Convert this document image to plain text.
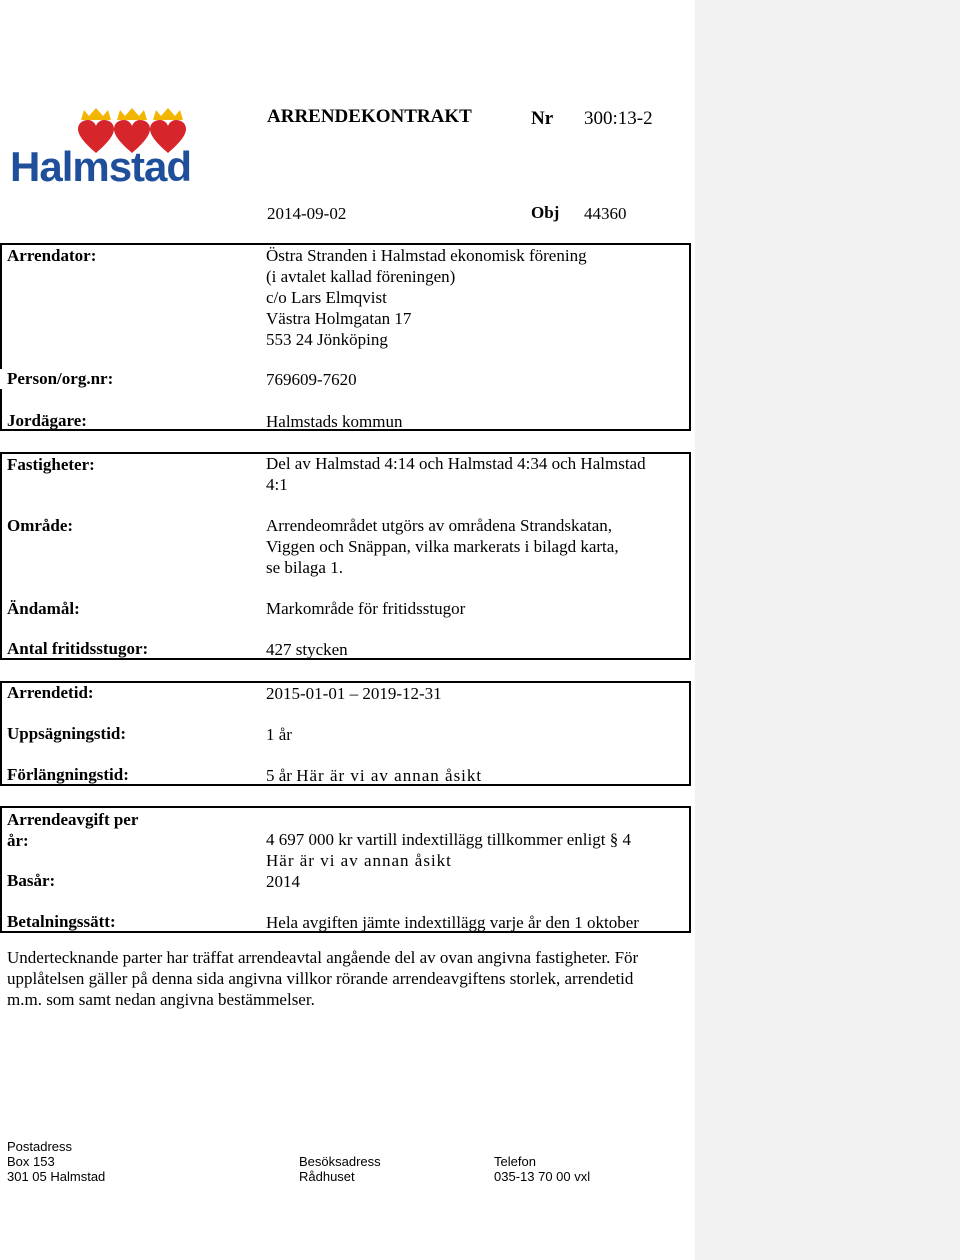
Halmstad
ARRENDEKONTRAKT	Nr 300:13-2
2014-09-02	Obj 44360
Arrendator:	Östra Stranden i Halmstad ekonomisk förening
(i avtalet kallad föreningen)
c/o Lars Elmqvist
Västra Holmgatan 17
553 24 Jönköping
Person/org.nr:	769609-7620
Jordägare:	Halmstads kommun
Fastigheter:	Del av Halmstad 4:14 och Halmstad 4:34 och Halmstad
4:1
Område:	Arrendeområdet utgörs av områdena Strandskatan,
Viggen och Snäppan, vilka markerats i bilagd karta,
se bilaga 1.
Ändamål:	Markområde för fritidsstugor
Antal fritidsstugor:	427 stycken
Arrendetid:	2015-01-01 – 2019-12-31
Uppsägningstid:	1 år
Förlängningstid:	5 år Här är vi av annan åsikt
Arrendeavgift per
år:	4 697 000 kr vartill indextillägg tillkommer enligt § 4
Här är vi av annan åsikt
Basår:	2014
Betalningssätt:	Hela avgiften jämte indextillägg varje år den 1 oktober
Undertecknande parter har träffat arrendeavtal angående del av ovan angivna fastigheter. För
upplåtelsen gäller på denna sida angivna villkor rörande arrendeavgiftens storlek, arrendetid
m.m. som samt nedan angivna bestämmelser.
Postadress
Box 153
301 05 Halmstad
Besöksadress
Rådhuset
Telefon
035-13 70 00 vxl
